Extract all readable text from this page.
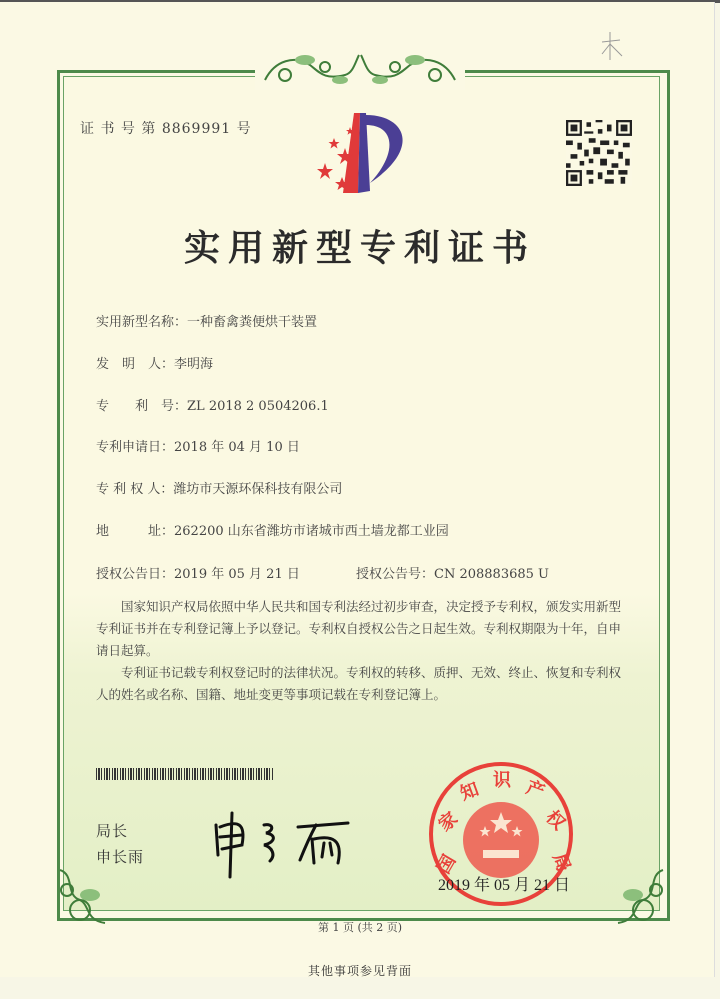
证 书 号 第 8869991 号
实用新型专利证书
实用新型名称：一种畜禽粪便烘干装置
发　明　人：李明海
专　　利　号：ZL 2018 2 0504206.1
专利申请日：2018 年 04 月 10 日
专 利 权 人：潍坊市天源环保科技有限公司
地　　　址：262200 山东省潍坊市诸城市西土墙龙都工业园
授权公告日：2019 年 05 月 21 日	授权公告号：CN 208883685 U

国家知识产权局依照中华人民共和国专利法经过初步审查，决定授予专利权，颁发实用新型专利证书并在专利登记簿上予以登记。专利权自授权公告之日起生效。专利权期限为十年，自申请日起算。

专利证书记载专利权登记时的法律状况。专利权的转移、质押、无效、终止、恢复和专利权人的姓名或名称、国籍、地址变更等事项记载在专利登记簿上。

局长
申长雨	国
家
知 识 产
权
局
2019 年 05 月 21 日
第 1 页 (共 2 页)
其他事项参见背面
